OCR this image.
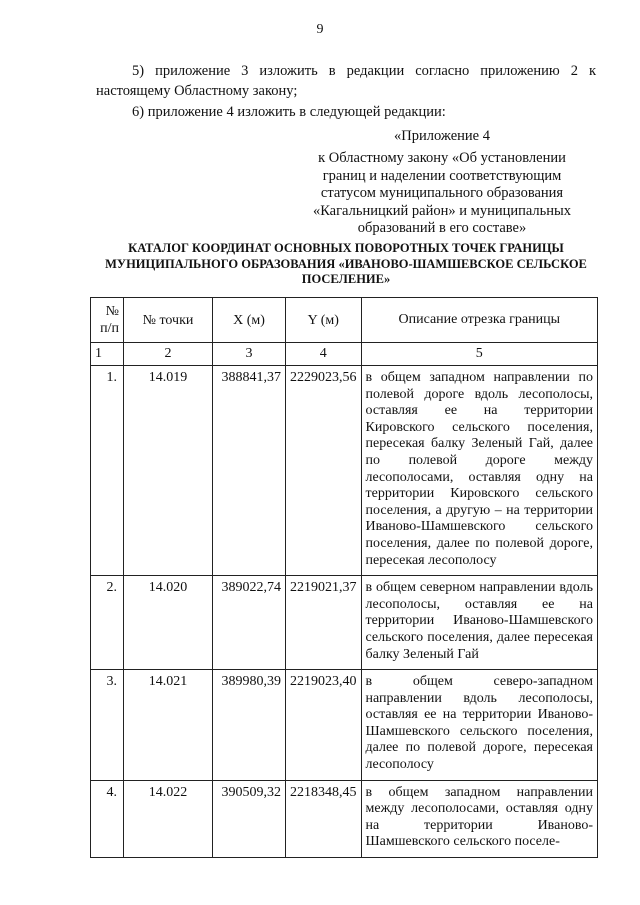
9
5) приложение 3 изложить в редакции согласно приложению 2 к настоящему Областному закону;
6) приложение 4 изложить в следующей редакции:
«Приложение 4
к Областному закону «Об установлении границ и наделении соответствующим статусом муниципального образования «Кагальницкий район» и муниципальных образований в его составе»
КАТАЛОГ КООРДИНАТ ОСНОВНЫХ ПОВОРОТНЫХ ТОЧЕК ГРАНИЦЫ МУНИЦИПАЛЬНОГО ОБРАЗОВАНИЯ «ИВАНОВО-ШАМШЕВСКОЕ СЕЛЬСКОЕ ПОСЕЛЕНИЕ»
№ п/п	№ точки	X (м)	Y (м)	Описание отрезка границы
1	2	3	4	5
1.	14.019	388841,37	2229023,56	в общем западном направлении по полевой дороге вдоль лесополосы, оставляя ее на территории Кировского сельского поселения, пересекая балку Зеленый Гай, далее по полевой дороге между лесополосами, оставляя одну на территории Кировского сельского поселения, а другую – на территории Иваново-Шамшевского сельского поселения, далее по полевой дороге, пересекая лесополосу
2.	14.020	389022,74	2219021,37	в общем северном направлении вдоль лесополосы, оставляя ее на территории Иваново-Шамшевского сельского поселения, далее пересекая балку Зеленый Гай
3.	14.021	389980,39	2219023,40	в общем северо-западном направлении вдоль лесополосы, оставляя ее на территории Иваново-Шамшевского сельского поселения, далее по полевой дороге, пересекая лесополосу
4.	14.022	390509,32	2218348,45	в общем западном направлении между лесополосами, оставляя одну на территории Иваново-Шамшевского сельского поселе-
